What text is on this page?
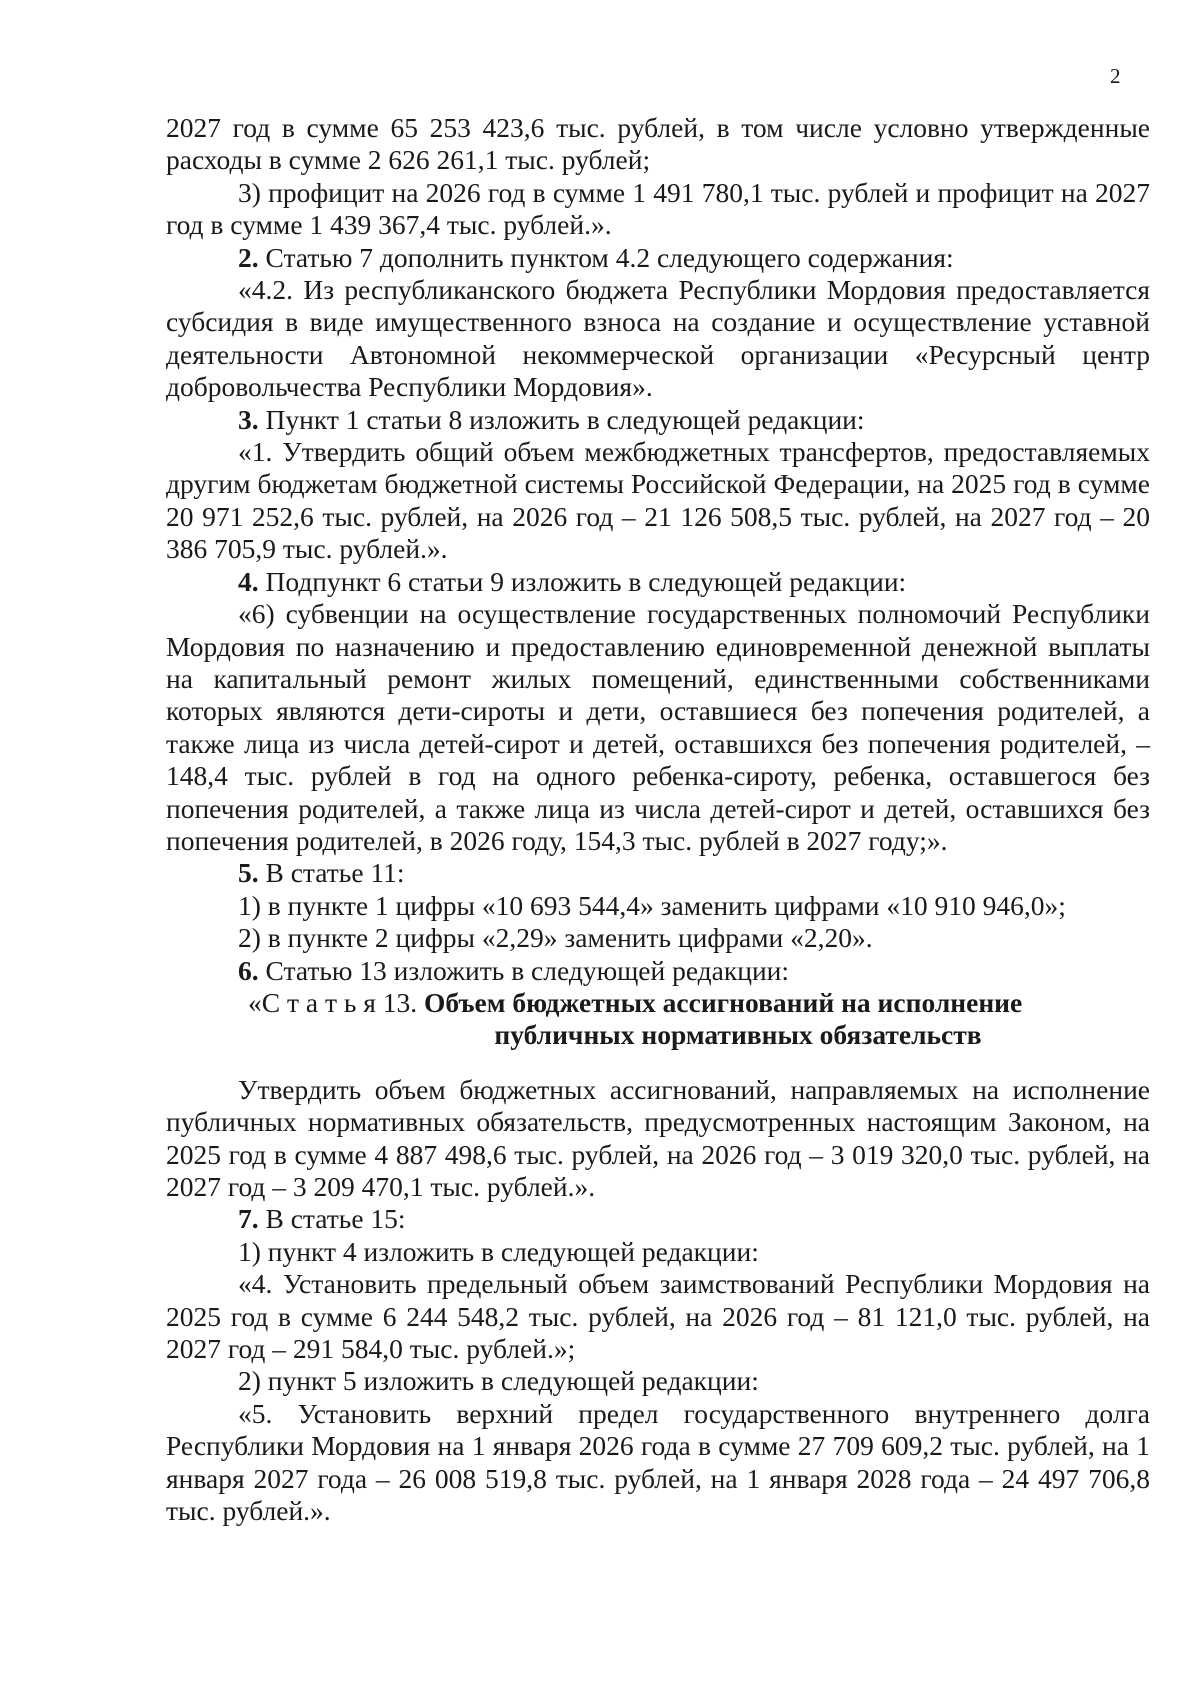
2

2027 год в сумме 65 253 423,6 тыс. рублей, в том числе условно утвержденные расходы в сумме 2 626 261,1 тыс. рублей;

3) профицит на 2026 год в сумме 1 491 780,1 тыс. рублей и профицит на 2027 год в сумме 1 439 367,4 тыс. рублей.».

2. Статью 7 дополнить пунктом 4.2 следующего содержания:

«4.2. Из республиканского бюджета Республики Мордовия предоставляется субсидия в виде имущественного взноса на создание и осуществление уставной деятельности Автономной некоммерческой организации «Ресурсный центр добровольчества Республики Мордовия».

3. Пункт 1 статьи 8 изложить в следующей редакции:

«1. Утвердить общий объем межбюджетных трансфертов, предоставляемых другим бюджетам бюджетной системы Российской Федерации, на 2025 год в сумме 20 971 252,6 тыс. рублей, на 2026 год – 21 126 508,5 тыс. рублей, на 2027 год – 20 386 705,9 тыс. рублей.».

4. Подпункт 6 статьи 9 изложить в следующей редакции:

«6) субвенции на осуществление государственных полномочий Республики Мордовия по назначению и предоставлению единовременной денежной выплаты на капитальный ремонт жилых помещений, единственными собственниками которых являются дети-сироты и дети, оставшиеся без попечения родителей, а также лица из числа детей-сирот и детей, оставшихся без попечения родителей, – 148,4 тыс. рублей в год на одного ребенка-сироту, ребенка, оставшегося без попечения родителей, а также лица из числа детей-сирот и детей, оставшихся без попечения родителей, в 2026 году, 154,3 тыс. рублей в 2027 году;».

5. В статье 11:

1) в пункте 1 цифры «10 693 544,4» заменить цифрами «10 910 946,0»;

2) в пункте 2 цифры «2,29» заменить цифрами «2,20».

6. Статью 13 изложить в следующей редакции:

«С т а т ь я 13. Объем бюджетных ассигнований на исполнение

публичных нормативных обязательств

Утвердить объем бюджетных ассигнований, направляемых на исполнение публичных нормативных обязательств, предусмотренных настоящим Законом, на 2025 год в сумме 4 887 498,6 тыс. рублей, на 2026 год – 3 019 320,0 тыс. рублей, на 2027 год – 3 209 470,1 тыс. рублей.».

7. В статье 15:

1) пункт 4 изложить в следующей редакции:

«4. Установить предельный объем заимствований Республики Мордовия на 2025 год в сумме 6 244 548,2 тыс. рублей, на 2026 год – 81 121,0 тыс. рублей, на 2027 год – 291 584,0 тыс. рублей.»;

2) пункт 5 изложить в следующей редакции:

«5. Установить верхний предел государственного внутреннего долга Республики Мордовия на 1 января 2026 года в сумме 27 709 609,2 тыс. рублей, на 1 января 2027 года – 26 008 519,8 тыс. рублей, на 1 января 2028 года – 24 497 706,8 тыс. рублей.».
